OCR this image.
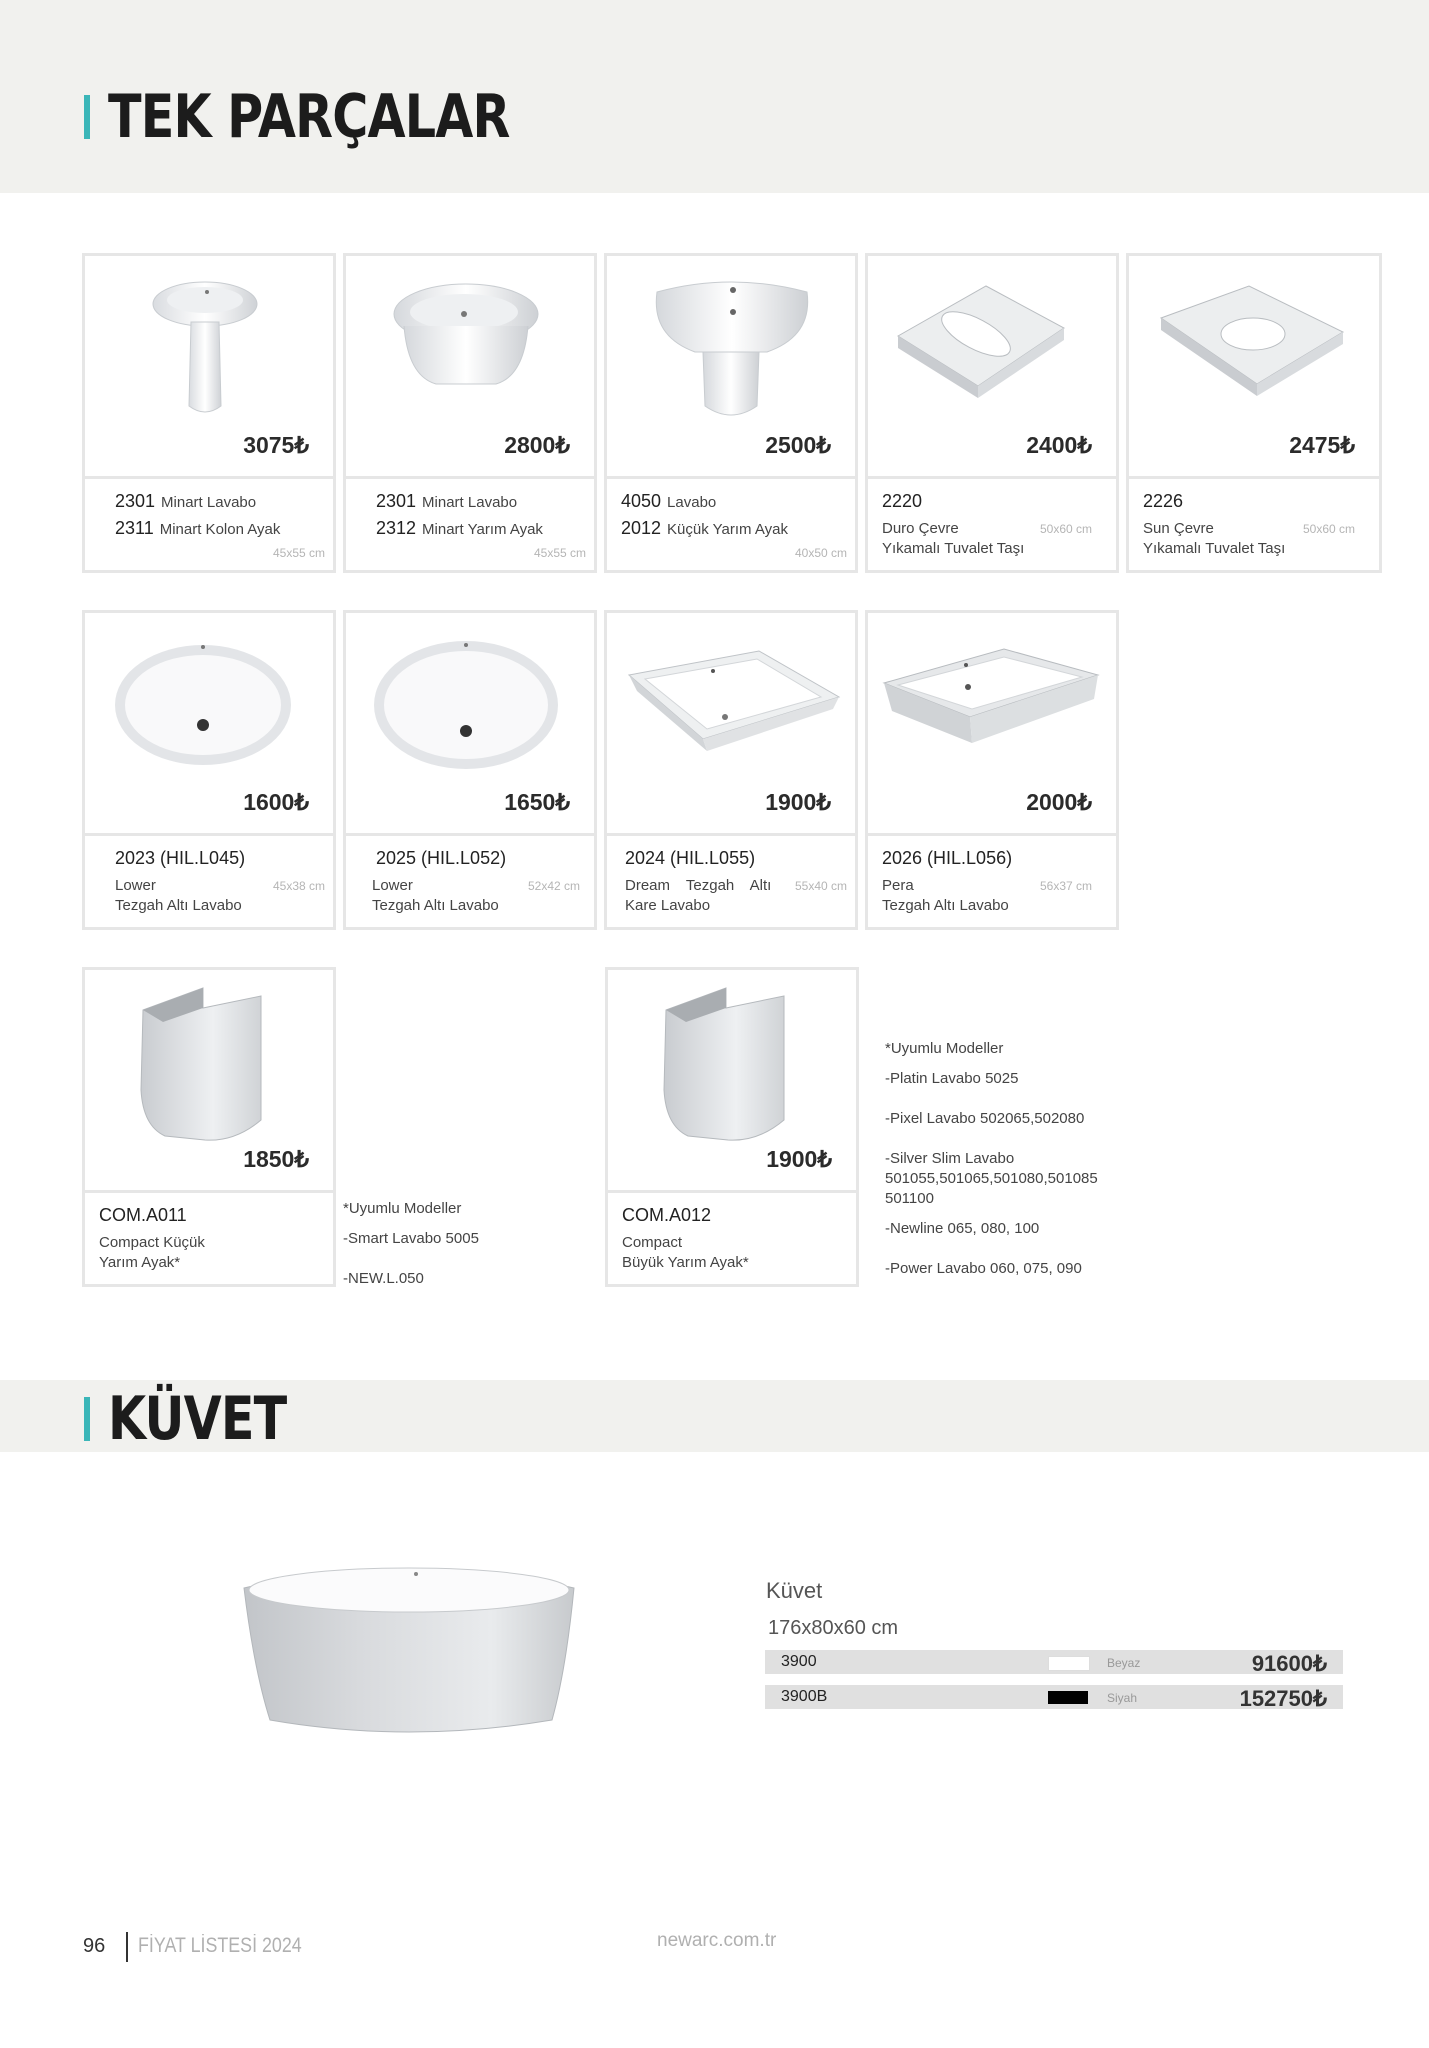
TEK PARÇALAR
3075₺
2301 Minart Lavabo
2311 Minart Kolon Ayak
45x55 cm
2800₺
2301 Minart Lavabo
2312 Minart Yarım Ayak
45x55 cm
2500₺
4050 Lavabo
2012 Küçük Yarım Ayak
40x50 cm
2400₺
2220
Duro Çevre
Yıkamalı Tuvalet Taşı
50x60 cm
2475₺
2226
Sun Çevre
Yıkamalı Tuvalet Taşı
50x60 cm
1600₺
2023 (HIL.L045)
Lower
Tezgah Altı Lavabo
45x38 cm
1650₺
2025 (HIL.L052)
Lower
Tezgah Altı Lavabo
52x42 cm
1900₺
2024 (HIL.L055)
Dream Tezgah Altı
Kare Lavabo
55x40 cm
2000₺
2026 (HIL.L056)
Pera
Tezgah Altı Lavabo
56x37 cm
1850₺
COM.A011
Compact Küçük
Yarım Ayak*
*Uyumlu Modeller
-Smart Lavabo 5005
-NEW.L.050
1900₺
COM.A012
Compact
Büyük Yarım Ayak*
*Uyumlu Modeller
-Platin Lavabo 5025
-Pixel Lavabo 502065,502080
-Silver Slim Lavabo
501055,501065,501080,501085
501100
-Newline 065, 080, 100
-Power Lavabo 060, 075, 090
KÜVET
Küvet
176x80x60 cm
3900	Beyaz	91600₺
3900B	Siyah	152750₺
96 FİYAT LİSTESİ 2024	newarc.com.tr
